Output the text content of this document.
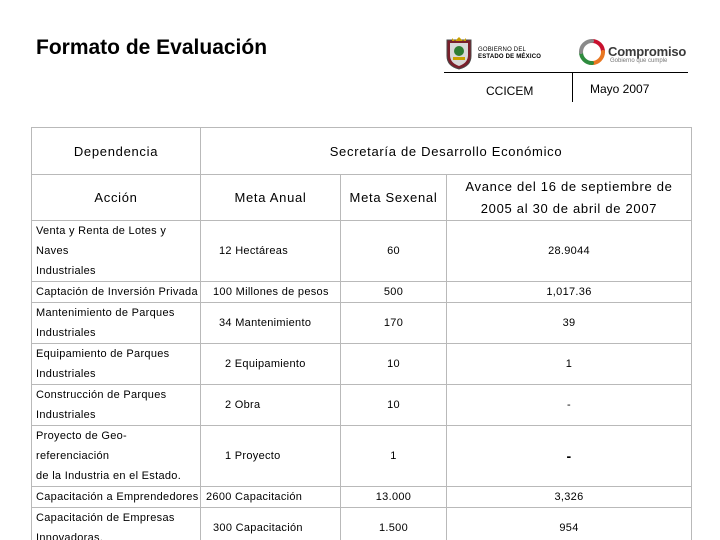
Formato de Evaluación	GOBIERNO DEL
ESTADO DE MÉXICO	Compromiso
Gobierno que cumple
CCICEM	Mayo 2007
Dependencia	Secretaría de Desarrollo Económico		
Acción	Meta Anual	Meta Sexenal	Avance del 16 de septiembre de
2005 al 30 de abril de 2007

Venta y Renta de Lotes y Naves
Industriales	12 Hectáreas	60	28.9044

Captación de Inversión Privada	100 Millones de pesos	500	1,017.36

Mantenimiento de Parques
Industriales	34 Mantenimiento	170	39

Equipamiento de Parques
Industriales	2 Equipamiento	10	1

Construcción de Parques
Industriales	2 Obra	10	-

Proyecto de Geo-referenciación
de la Industria en el Estado.	1 Proyecto	1	-

Capacitación a Emprendedores	2600 Capacitación	13.000	3,326

Capacitación de Empresas
Innovadoras.	300 Capacitación	1.500	954
